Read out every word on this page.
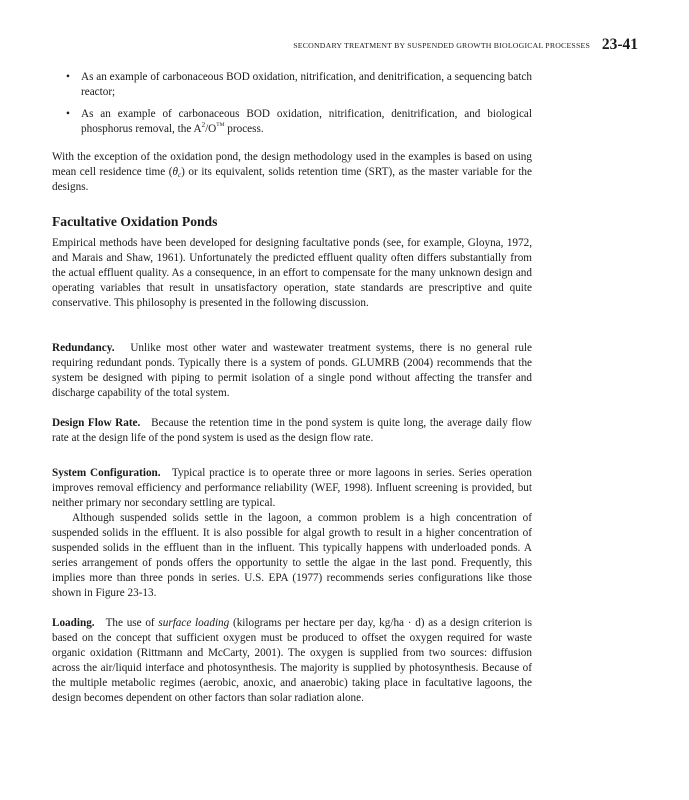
SECONDARY TREATMENT BY SUSPENDED GROWTH BIOLOGICAL PROCESSES 23-41
• As an example of carbonaceous BOD oxidation, nitrification, and denitrification, a sequencing batch reactor;
• As an example of carbonaceous BOD oxidation, nitrification, denitrification, and biological phosphorus removal, the $A^2/O™$ process.

With the exception of the oxidation pond, the design methodology used in the examples is based on using mean cell residence time $(\theta_c)$ or its equivalent, solids retention time (SRT), as the master variable for the designs.

Facultative Oxidation Ponds

Empirical methods have been developed for designing facultative ponds (see, for example, Gloyna, 1972, and Marais and Shaw, 1961). Unfortunately the predicted effluent quality often differs substantially from the actual effluent quality. As a consequence, in an effort to compensate for the many unknown design and operating variables that result in unsatisfactory operation, state standards are prescriptive and quite conservative. This philosophy is presented in the following discussion.

Redundancy. Unlike most other water and wastewater treatment systems, there is no general rule requiring redundant ponds. Typically there is a system of ponds. GLUMRB (2004) recommends that the system be designed with piping to permit isolation of a single pond without affecting the transfer and discharge capability of the total system.

Design Flow Rate. Because the retention time in the pond system is quite long, the average daily flow rate at the design life of the pond system is used as the design flow rate.

System Configuration. Typical practice is to operate three or more lagoons in series. Series operation improves removal efficiency and performance reliability (WEF, 1998). Influent screening is provided, but neither primary nor secondary settling are typical.

Although suspended solids settle in the lagoon, a common problem is a high concentration of suspended solids in the effluent. It is also possible for algal growth to result in a higher concentration of suspended solids in the effluent than in the influent. This typically happens with underloaded ponds. A series arrangement of ponds offers the opportunity to settle the algae in the last pond. Frequently, this implies more than three ponds in series. U.S. EPA (1977) recommends series configurations like those shown in Figure 23-13.

Loading. The use of surface loading (kilograms per hectare per day, kg/ha · d) as a design criterion is based on the concept that sufficient oxygen must be produced to offset the oxygen required for waste organic oxidation (Rittmann and McCarty, 2001). The oxygen is supplied from two sources: diffusion across the air/liquid interface and photosynthesis. The majority is supplied by photosynthesis. Because of the multiple metabolic regimes (aerobic, anoxic, and anaerobic) taking place in facultative lagoons, the design becomes dependent on other factors than solar radiation alone.
